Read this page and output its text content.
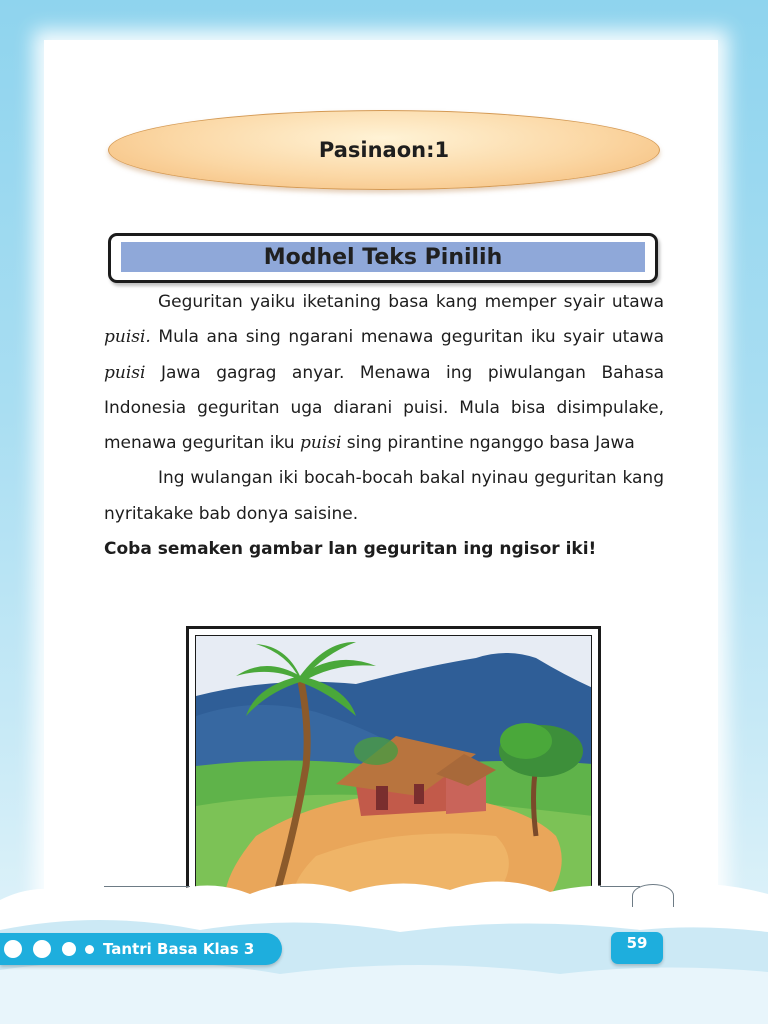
Pasinaon:1
Modhel Teks Pinilih

Geguritan yaiku iketaning basa kang memper syair utawa puisi. Mula ana sing ngarani menawa geguritan iku syair utawa puisi Jawa gagrag anyar. Menawa ing piwulangan Bahasa Indonesia geguritan uga diarani puisi. Mula bisa disimpulake, menawa geguritan iku puisi sing pirantine nganggo basa Jawa

Ing wulangan iki bocah-bocah bakal nyinau geguritan kang nyritakake bab donya saisine.

Coba semaken gambar lan geguritan ing ngisor iki!

Tantri Basa Klas 3	59
